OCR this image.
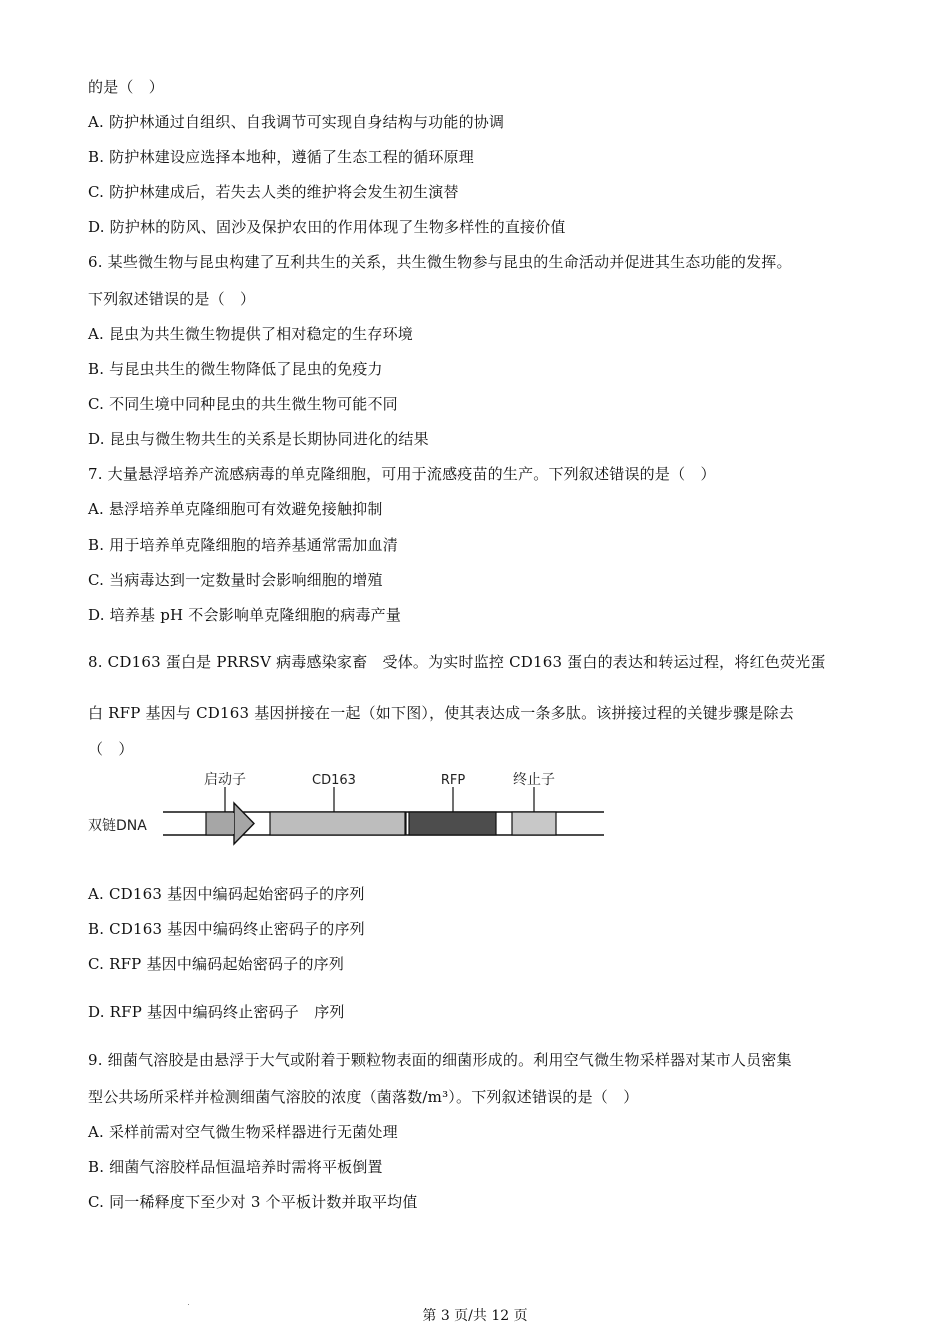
的是（　）
A. 防护林通过自组织、自我调节可实现自身结构与功能的协调
B. 防护林建设应选择本地种，遵循了生态工程的循环原理
C. 防护林建成后，若失去人类的维护将会发生初生演替
D. 防护林的防风、固沙及保护农田的作用体现了生物多样性的直接价值
6. 某些微生物与昆虫构建了互利共生的关系，共生微生物参与昆虫的生命活动并促进其生态功能的发挥。
下列叙述错误的是（　）
A. 昆虫为共生微生物提供了相对稳定的生存环境
B. 与昆虫共生的微生物降低了昆虫的免疫力
C. 不同生境中同种昆虫的共生微生物可能不同
D. 昆虫与微生物共生的关系是长期协同进化的结果
7. 大量悬浮培养产流感病毒的单克隆细胞，可用于流感疫苗的生产。下列叙述错误的是（　）
A. 悬浮培养单克隆细胞可有效避免接触抑制
B. 用于培养单克隆细胞的培养基通常需加血清
C. 当病毒达到一定数量时会影响细胞的增殖
D. 培养基 pH 不会影响单克隆细胞的病毒产量
8. CD163 蛋白是 PRRSV 病毒感染家畜　受体。为实时监控 CD163 蛋白的表达和转运过程，将红色荧光蛋
白 RFP 基因与 CD163 基因拼接在一起（如下图），使其表达成一条多肽。该拼接过程的关键步骤是除去
（　）
双链DNA
启动子	CD163	RFP	终止子
A. CD163 基因中编码起始密码子的序列
B. CD163 基因中编码终止密码子的序列
C. RFP 基因中编码起始密码子的序列
D. RFP 基因中编码终止密码子　序列
9. 细菌气溶胶是由悬浮于大气或附着于颗粒物表面的细菌形成的。利用空气微生物采样器对某市人员密集
型公共场所采样并检测细菌气溶胶的浓度（菌落数/m³）。下列叙述错误的是（　）
A. 采样前需对空气微生物采样器进行无菌处理
B. 细菌气溶胶样品恒温培养时需将平板倒置
C. 同一稀释度下至少对 3 个平板计数并取平均值
第 3 页/共 12 页
